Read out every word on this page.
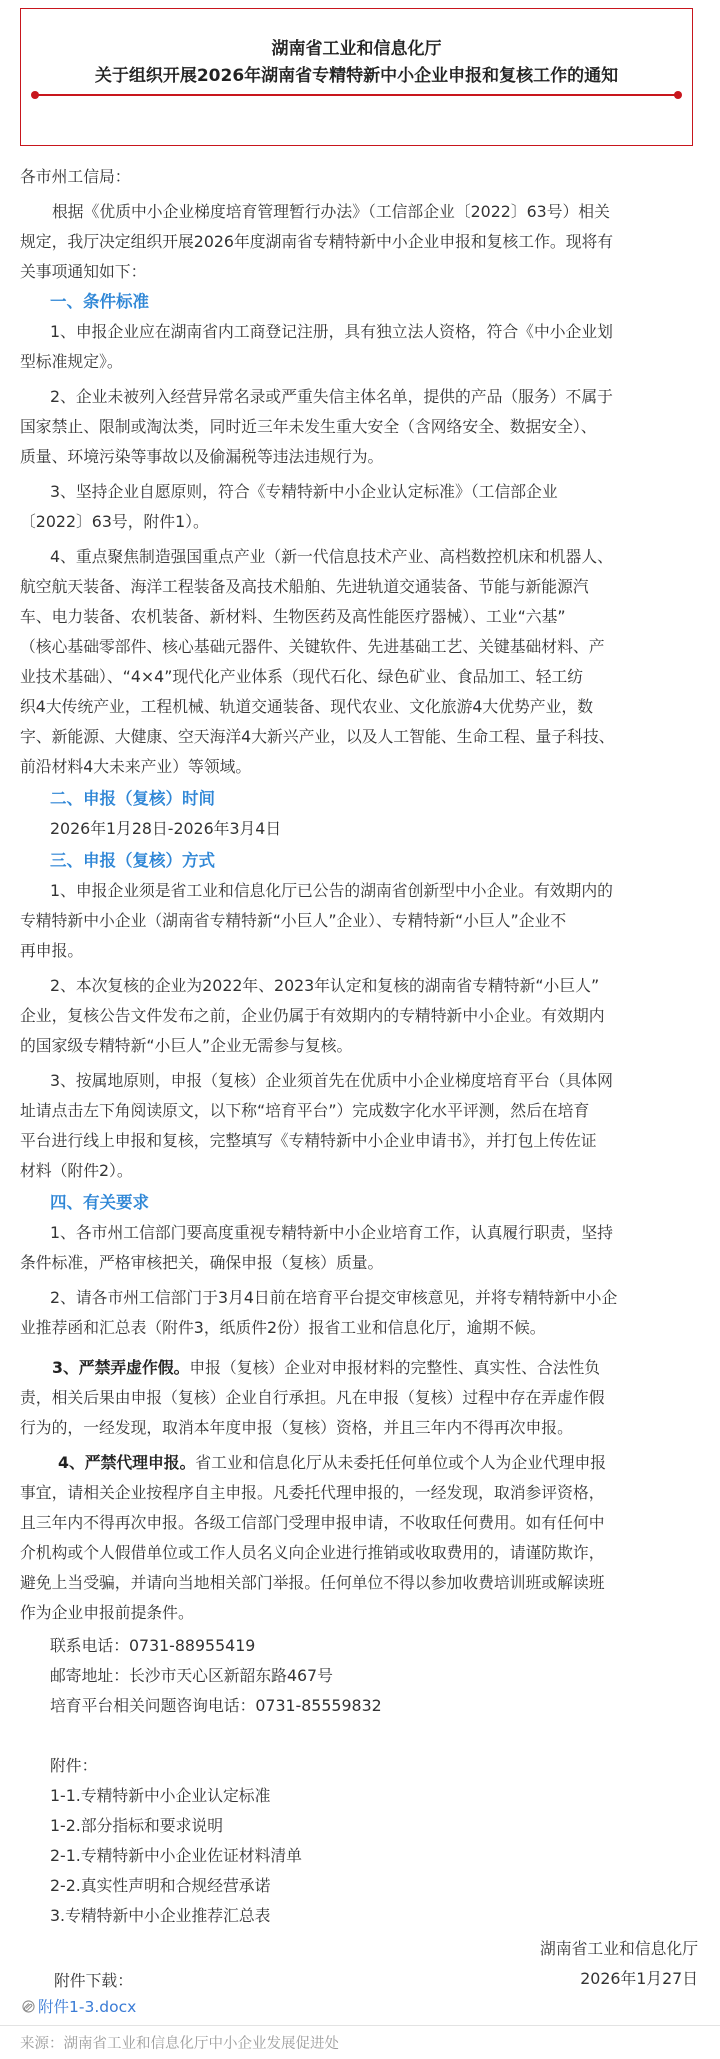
湖南省工业和信息化厅
关于组织开展2026年湖南省专精特新中小企业申报和复核工作的通知
各市州工信局：
根据《优质中小企业梯度培育管理暂行办法》（工信部企业〔2022〕63号）相关
规定，我厅决定组织开展2026年度湖南省专精特新中小企业申报和复核工作。现将有
关事项通知如下：
一、条件标准
1、申报企业应在湖南省内工商登记注册，具有独立法人资格，符合《中小企业划
型标准规定》。
2、企业未被列入经营异常名录或严重失信主体名单，提供的产品（服务）不属于
国家禁止、限制或淘汰类，同时近三年未发生重大安全（含网络安全、数据安全）、
质量、环境污染等事故以及偷漏税等违法违规行为。
3、坚持企业自愿原则，符合《专精特新中小企业认定标准》（工信部企业
〔2022〕63号，附件1）。
4、重点聚焦制造强国重点产业（新一代信息技术产业、高档数控机床和机器人、
航空航天装备、海洋工程装备及高技术船舶、先进轨道交通装备、节能与新能源汽
车、电力装备、农机装备、新材料、生物医药及高性能医疗器械）、工业“六基”
（核心基础零部件、核心基础元器件、关键软件、先进基础工艺、关键基础材料、产
业技术基础）、“4×4”现代化产业体系（现代石化、绿色矿业、食品加工、轻工纺
织4大传统产业，工程机械、轨道交通装备、现代农业、文化旅游4大优势产业，数
字、新能源、大健康、空天海洋4大新兴产业，以及人工智能、生命工程、量子科技、
前沿材料4大未来产业）等领域。
二、申报（复核）时间
2026年1月28日-2026年3月4日
三、申报（复核）方式
1、申报企业须是省工业和信息化厅已公告的湖南省创新型中小企业。有效期内的
专精特新中小企业（湖南省专精特新“小巨人”企业）、专精特新“小巨人”企业不
再申报。
2、本次复核的企业为2022年、2023年认定和复核的湖南省专精特新“小巨人”
企业，复核公告文件发布之前，企业仍属于有效期内的专精特新中小企业。有效期内
的国家级专精特新“小巨人”企业无需参与复核。
3、按属地原则，申报（复核）企业须首先在优质中小企业梯度培育平台（具体网
址请点击左下角阅读原文，以下称“培育平台”）完成数字化水平评测，然后在培育
平台进行线上申报和复核，完整填写《专精特新中小企业申请书》，并打包上传佐证
材料（附件2）。
四、有关要求
1、各市州工信部门要高度重视专精特新中小企业培育工作，认真履行职责，坚持
条件标准，严格审核把关，确保申报（复核）质量。
2、请各市州工信部门于3月4日前在培育平台提交审核意见，并将专精特新中小企
业推荐函和汇总表（附件3，纸质件2份）报省工业和信息化厅，逾期不候。
3、严禁弄虚作假。申报（复核）企业对申报材料的完整性、真实性、合法性负
责，相关后果由申报（复核）企业自行承担。凡在申报（复核）过程中存在弄虚作假
行为的，一经发现，取消本年度申报（复核）资格，并且三年内不得再次申报。
4、严禁代理申报。省工业和信息化厅从未委托任何单位或个人为企业代理申报
事宜，请相关企业按程序自主申报。凡委托代理申报的，一经发现，取消参评资格，
且三年内不得再次申报。各级工信部门受理申报申请，不收取任何费用。如有任何中
介机构或个人假借单位或工作人员名义向企业进行推销或收取费用的，请谨防欺诈，
避免上当受骗，并请向当地相关部门举报。任何单位不得以参加收费培训班或解读班
作为企业申报前提条件。
联系电话：0731-88955419
邮寄地址：长沙市天心区新韶东路467号
培育平台相关问题咨询电话：0731-85559832
附件：
1-1.专精特新中小企业认定标准
1-2.部分指标和要求说明
2-1.专精特新中小企业佐证材料清单
2-2.真实性声明和合规经营承诺
3.专精特新中小企业推荐汇总表
附件下载：
附件1-3.docx
来源：湖南省工业和信息化厅中小企业发展促进处
湖南省工业和信息化厅
2026年1月27日
